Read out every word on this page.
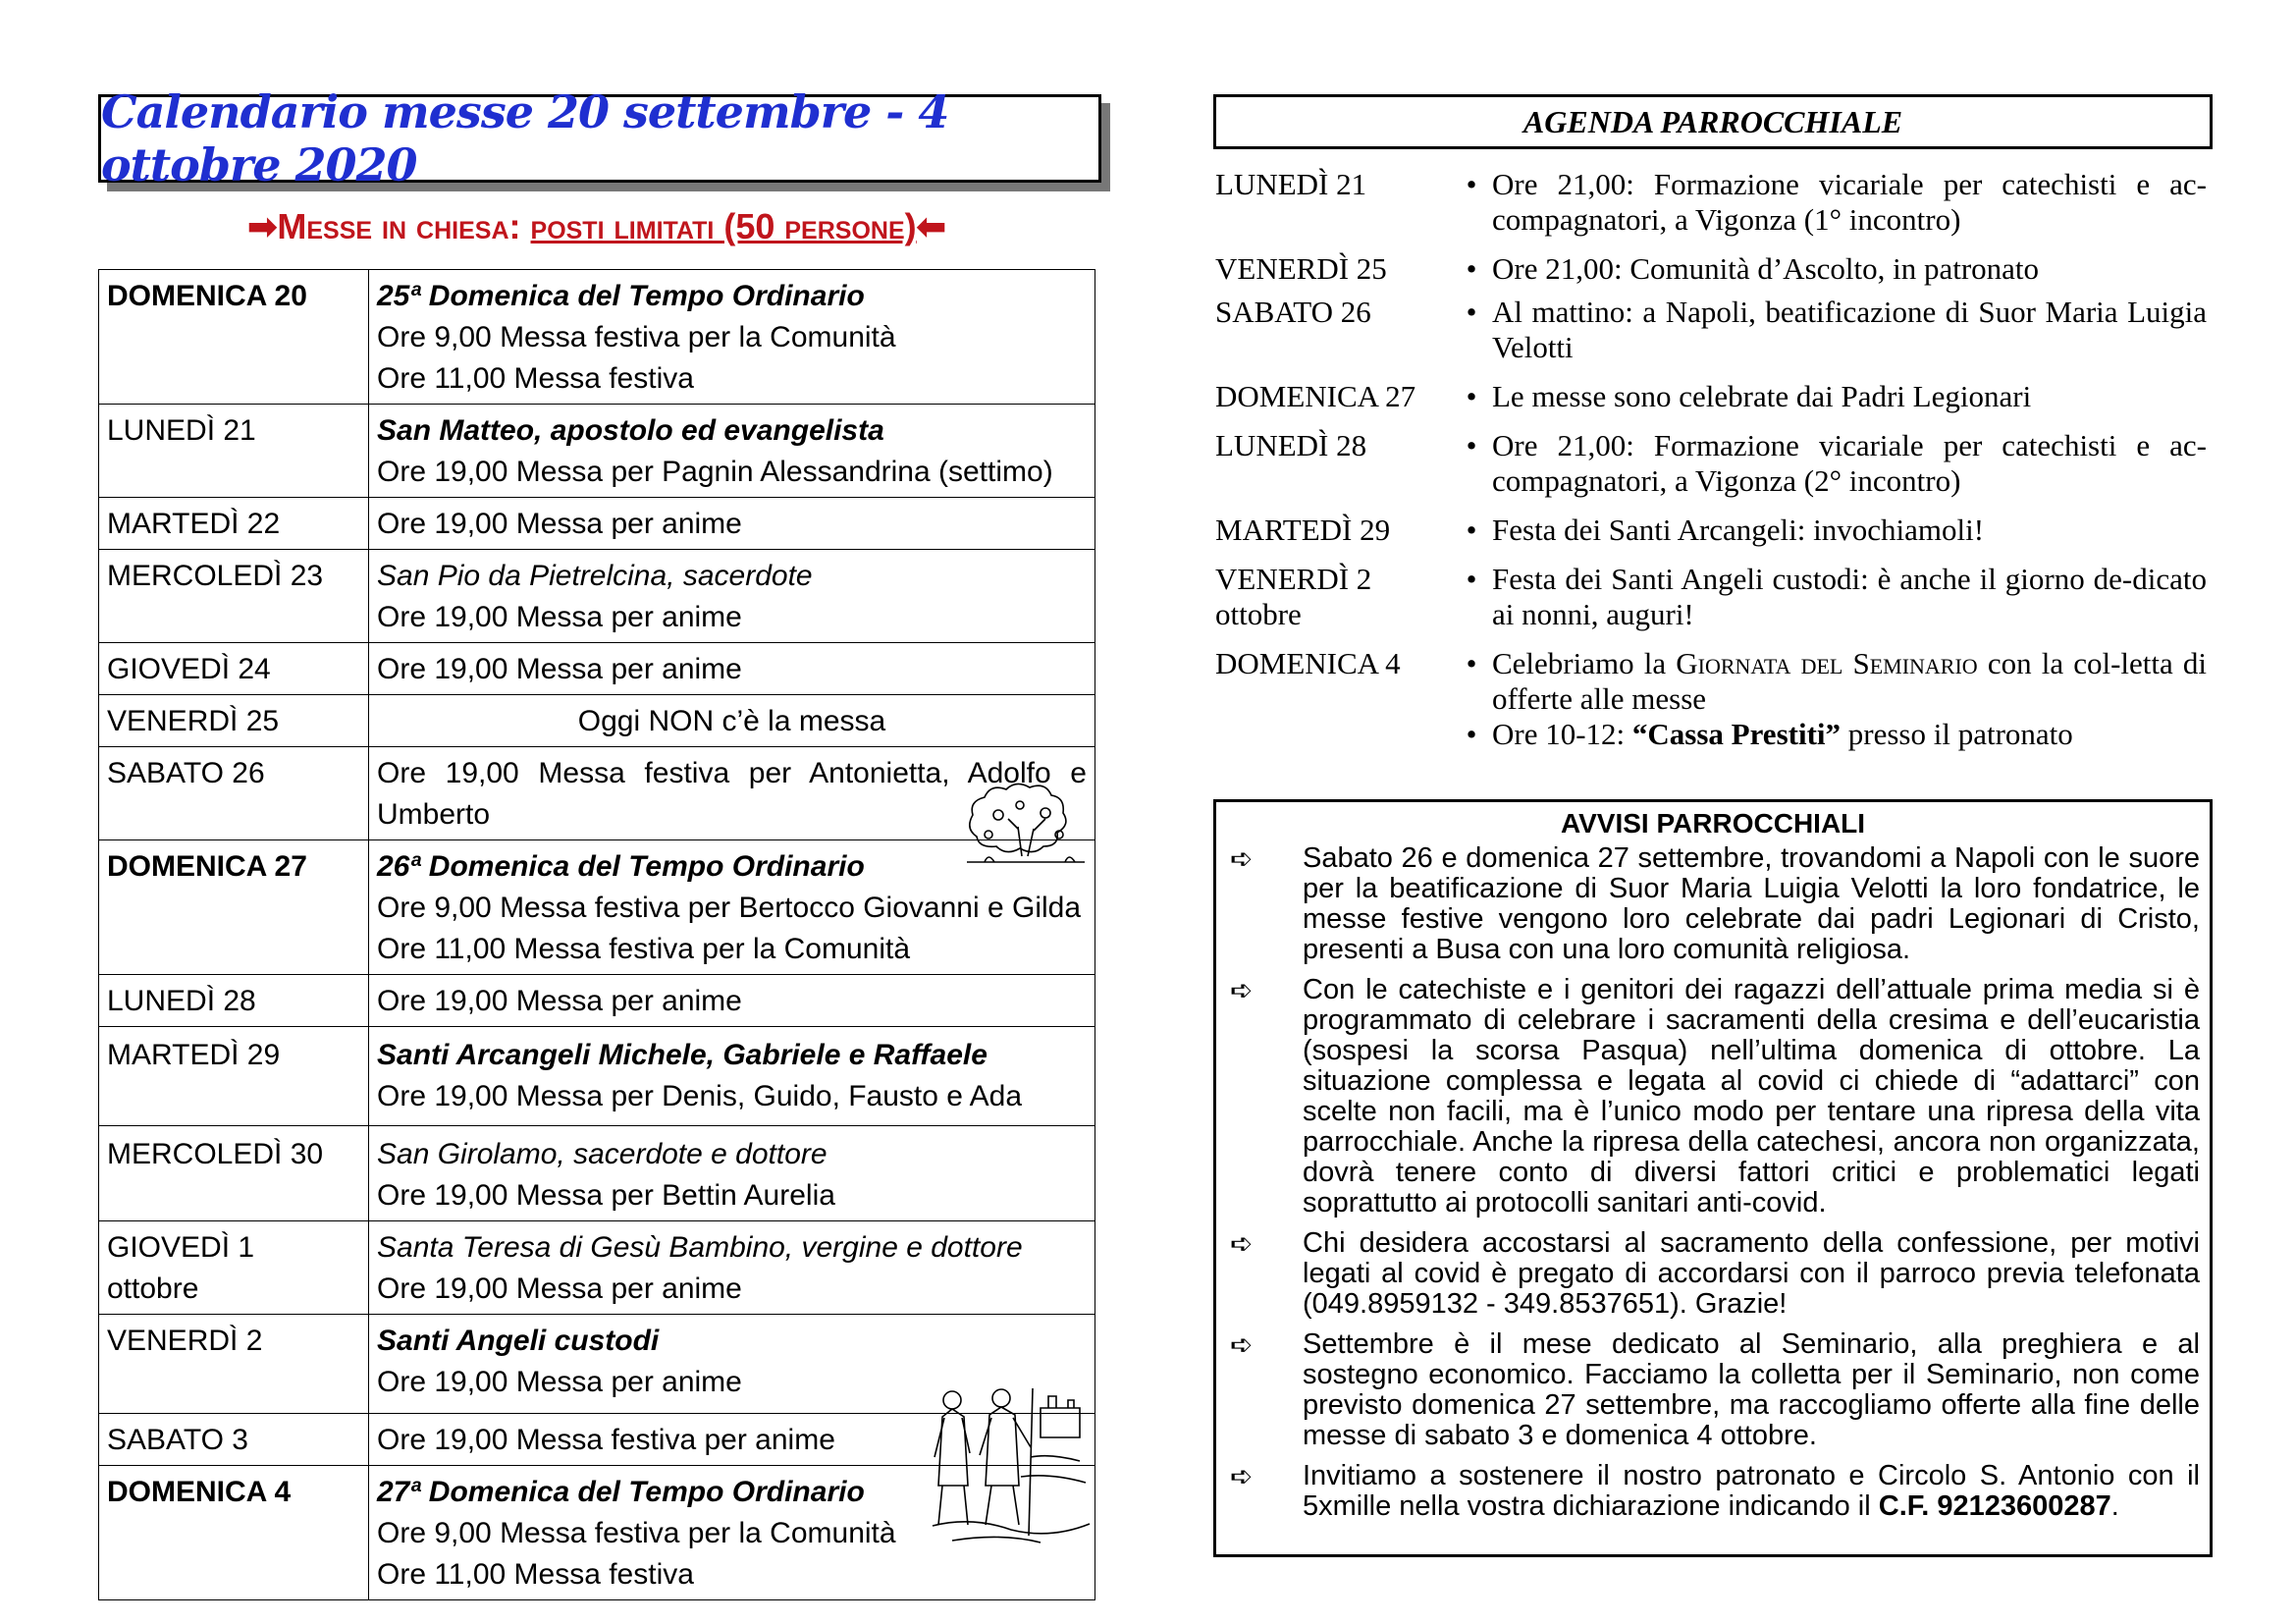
Calendario messe 20 settembre - 4 ottobre 2020
➡Messe in chiesa: posti limitati (50 persone)⬅
DOMENICA 20	25ª Domenica del Tempo Ordinario
Ore 9,00 Messa festiva per la Comunità
Ore 11,00 Messa festiva

LUNEDÌ 21	San Matteo, apostolo ed evangelista
Ore 19,00 Messa per Pagnin Alessandrina (settimo)

MARTEDÌ 22	Ore 19,00 Messa per anime

MERCOLEDÌ 23	San Pio da Pietrelcina, sacerdote
Ore 19,00 Messa per anime

GIOVEDÌ 24	Ore 19,00 Messa per anime

VENERDÌ 25	Oggi NON c’è la messa

SABATO 26	Ore 19,00 Messa festiva per Antonietta, Adolfo e Umberto

DOMENICA 27	26ª Domenica del Tempo Ordinario
Ore 9,00 Messa festiva per Bertocco Giovanni e Gilda
Ore 11,00 Messa festiva per la Comunità

LUNEDÌ 28	Ore 19,00 Messa per anime

MARTEDÌ 29	Santi Arcangeli Michele, Gabriele e Raffaele
Ore 19,00 Messa per Denis, Guido, Fausto e Ada

MERCOLEDÌ 30	San Girolamo, sacerdote e dottore
Ore 19,00 Messa per Bettin Aurelia

GIOVEDÌ 1 ottobre	Santa Teresa di Gesù Bambino, vergine e dottore
Ore 19,00 Messa per anime

VENERDÌ 2	Santi Angeli custodi
Ore 19,00 Messa per anime

SABATO 3	Ore 19,00 Messa festiva per anime

DOMENICA 4	27ª Domenica del Tempo Ordinario
Ore 9,00 Messa festiva per la Comunità
Ore 11,00 Messa festiva
AGENDA PARROCCHIALE
LUNEDÌ 21	• Ore 21,00: Formazione vicariale per catechisti e ac-compagnatori, a Vigonza (1° incontro)
VENERDÌ 25	• Ore 21,00: Comunità d’Ascolto, in patronato
SABATO 26	• Al mattino: a Napoli, beatificazione di Suor Maria Luigia Velotti
DOMENICA 27	• Le messe sono celebrate dai Padri Legionari
LUNEDÌ 28	• Ore 21,00: Formazione vicariale per catechisti e ac-compagnatori, a Vigonza (2° incontro)
MARTEDÌ 29	• Festa dei Santi Arcangeli: invochiamoli!
VENERDÌ 2 ottobre
• Festa dei Santi Angeli custodi: è anche il giorno de-dicato ai nonni, auguri!
DOMENICA 4	• Celebriamo la Giornata del Seminario con la col-letta di offerte alle messe
• Ore 10-12: “Cassa Prestiti” presso il patronato
AVVISI PARROCCHIALI
➪	Sabato 26 e domenica 27 settembre, trovandomi a Napoli con le suore per la beatificazione di Suor Maria Luigia Velotti la loro fondatrice, le messe festive vengono loro celebrate dai padri Legionari di Cristo, presenti a Busa con una loro comunità religiosa.
➪	Con le catechiste e i genitori dei ragazzi dell’attuale prima media si è programmato di celebrare i sacramenti della cresima e dell’eucaristia (sospesi la scorsa Pasqua) nell’ultima domenica di ottobre. La situazione complessa e legata al covid ci chiede di “adattarci” con scelte non facili, ma è l’unico modo per tentare una ripresa della vita parrocchiale. Anche la ripresa della catechesi, ancora non organizzata, dovrà tenere conto di diversi fattori critici e problematici legati soprattutto ai protocolli sanitari anti-covid.
➪	Chi desidera accostarsi al sacramento della confessione, per motivi legati al covid è pregato di accordarsi con il parroco previa telefonata (049.8959132 - 349.8537651). Grazie!
➪	Settembre è il mese dedicato al Seminario, alla preghiera e al sostegno economico. Facciamo la colletta per il Seminario, non come previsto domenica 27 settembre, ma raccogliamo offerte alla fine delle messe di sabato 3 e domenica 4 ottobre.
➪	Invitiamo a sostenere il nostro patronato e Circolo S. Antonio con il 5xmille nella vostra dichiarazione indicando il C.F. 92123600287.
